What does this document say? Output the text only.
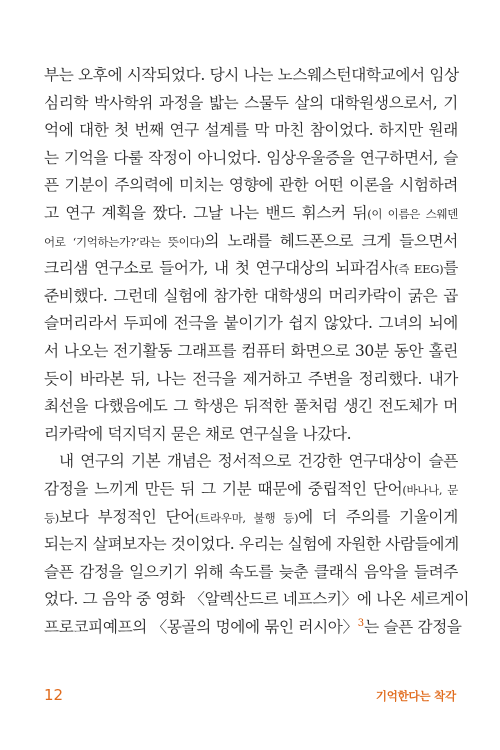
부는 오후에 시작되었다. 당시 나는 노스웨스턴대학교에서 임상
심리학 박사학위 과정을 밟는 스물두 살의 대학원생으로서, 기
억에 대한 첫 번째 연구 설계를 막 마친 참이었다. 하지만 원래
는 기억을 다룰 작정이 아니었다. 임상우울증을 연구하면서, 슬
픈 기분이 주의력에 미치는 영향에 관한 어떤 이론을 시험하려
고 연구 계획을 짰다. 그날 나는 밴드 휘스커 뒤(이 이름은 스웨덴
어로 ‘기억하는가?’라는 뜻이다)의 노래를 헤드폰으로 크게 들으면서
크리샘 연구소로 들어가, 내 첫 연구대상의 뇌파검사(즉 EEG)를
준비했다. 그런데 실험에 참가한 대학생의 머리카락이 굵은 곱
슬머리라서 두피에 전극을 붙이기가 쉽지 않았다. 그녀의 뇌에
서 나오는 전기활동 그래프를 컴퓨터 화면으로 30분 동안 홀린
듯이 바라본 뒤, 나는 전극을 제거하고 주변을 정리했다. 내가
최선을 다했음에도 그 학생은 뒤적한 풀처럼 생긴 전도체가 머
리카락에 덕지덕지 묻은 채로 연구실을 나갔다.
내 연구의 기본 개념은 정서적으로 건강한 연구대상이 슬픈
감정을 느끼게 만든 뒤 그 기분 때문에 중립적인 단어(바나나, 문
등)보다 부정적인 단어(트라우마, 불행 등)에 더 주의를 기울이게
되는지 살펴보자는 것이었다. 우리는 실험에 자원한 사람들에게
슬픈 감정을 일으키기 위해 속도를 늦춘 클래식 음악을 들려주
었다. 그 음악 중 영화 〈알렉산드르 네프스키〉에 나온 세르게이
프로코피예프의 〈몽골의 멍에에 묶인 러시아〉$^3$는 슬픈 감정을
12	기억한다는 착각
